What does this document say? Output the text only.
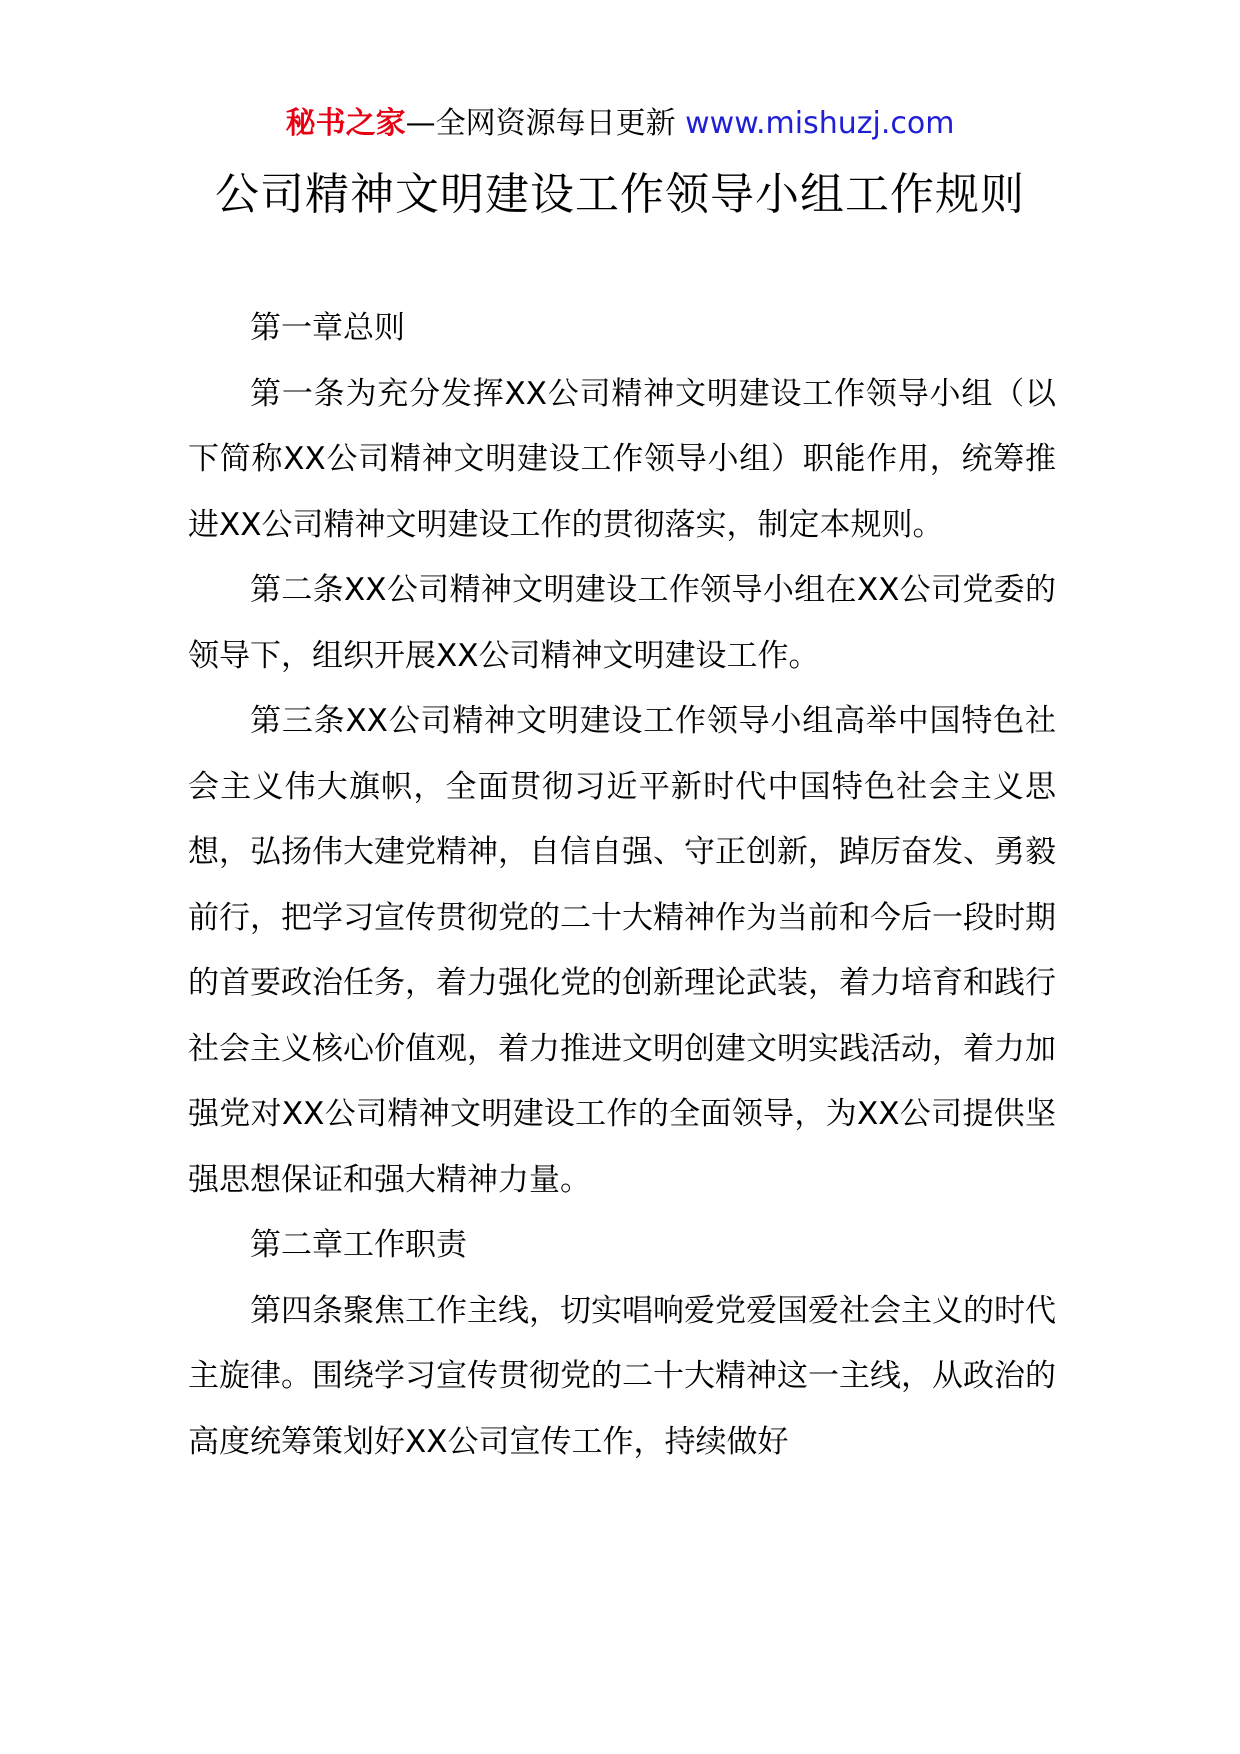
秘书之家—全网资源每日更新 www.mishuzj.com
公司精神文明建设工作领导小组工作规则

第一章总则

第一条为充分发挥XX公司精神文明建设工作领导小组（以下简称XX公司精神文明建设工作领导小组）职能作用，统筹推进XX公司精神文明建设工作的贯彻落实，制定本规则。

第二条XX公司精神文明建设工作领导小组在XX公司党委的领导下，组织开展XX公司精神文明建设工作。

第三条XX公司精神文明建设工作领导小组高举中国特色社会主义伟大旗帜，全面贯彻习近平新时代中国特色社会主义思想，弘扬伟大建党精神，自信自强、守正创新，踔厉奋发、勇毅前行，把学习宣传贯彻党的二十大精神作为当前和今后一段时期的首要政治任务，着力强化党的创新理论武装，着力培育和践行社会主义核心价值观，着力推进文明创建文明实践活动，着力加强党对XX公司精神文明建设工作的全面领导，为XX公司提供坚强思想保证和强大精神力量。

第二章工作职责

第四条聚焦工作主线，切实唱响爱党爱国爱社会主义的时代主旋律。围绕学习宣传贯彻党的二十大精神这一主线，从政治的高度统筹策划好XX公司宣传工作，持续做好
